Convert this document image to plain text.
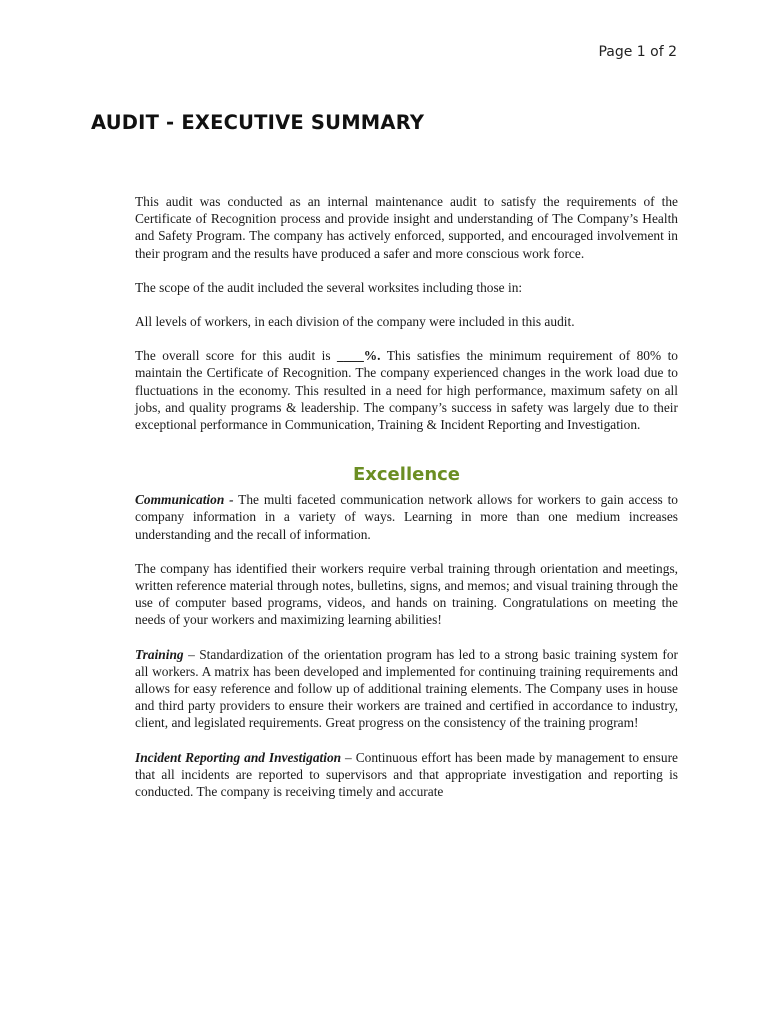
Page 1 of 2
AUDIT - EXECUTIVE SUMMARY

This audit was conducted as an internal maintenance audit to satisfy the requirements of the Certificate of Recognition process and provide insight and understanding of The Company’s Health and Safety Program. The company has actively enforced, supported, and encouraged involvement in their program and the results have produced a safer and more conscious work force.

The scope of the audit included the several worksites including those in:

All levels of workers, in each division of the company were included in this audit.

The overall score for this audit is ____%. This satisfies the minimum requirement of 80% to maintain the Certificate of Recognition. The company experienced changes in the work load due to fluctuations in the economy. This resulted in a need for high performance, maximum safety on all jobs, and quality programs & leadership. The company’s success in safety was largely due to their exceptional performance in Communication, Training & Incident Reporting and Investigation.

Excellence

Communication - The multi faceted communication network allows for workers to gain access to company information in a variety of ways. Learning in more than one medium increases understanding and the recall of information.

The company has identified their workers require verbal training through orientation and meetings, written reference material through notes, bulletins, signs, and memos; and visual training through the use of computer based programs, videos, and hands on training. Congratulations on meeting the needs of your workers and maximizing learning abilities!

Training – Standardization of the orientation program has led to a strong basic training system for all workers. A matrix has been developed and implemented for continuing training requirements and allows for easy reference and follow up of additional training elements. The Company uses in house and third party providers to ensure their workers are trained and certified in accordance to industry, client, and legislated requirements. Great progress on the consistency of the training program!

Incident Reporting and Investigation – Continuous effort has been made by management to ensure that all incidents are reported to supervisors and that appropriate investigation and reporting is conducted. The company is receiving timely and accurate
